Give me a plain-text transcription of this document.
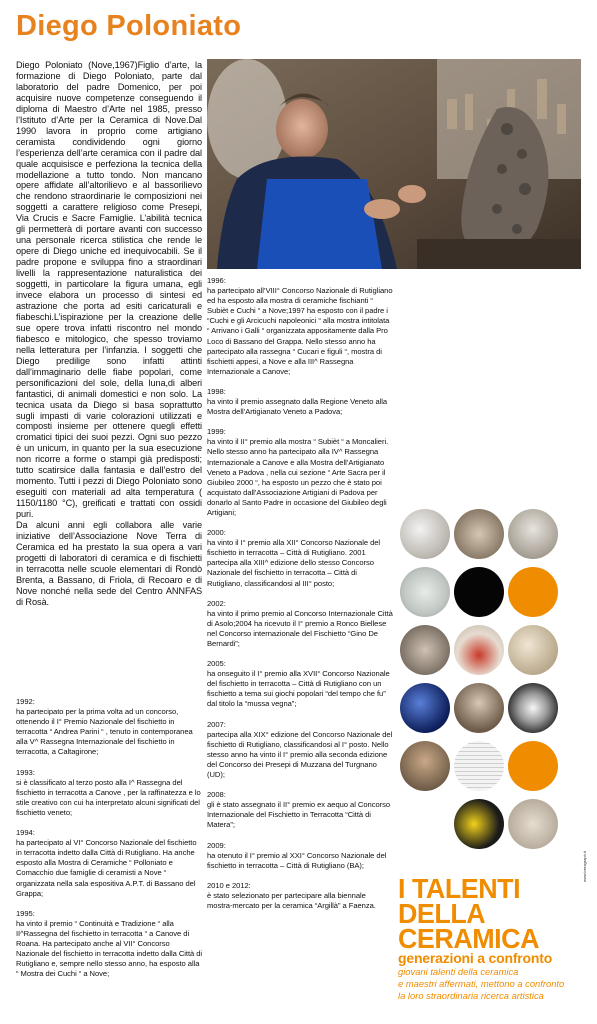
Diego Poloniato

Diego Poloniato (Nove,1967)Figlio d’arte, la formazione di Diego Poloniato, parte dal laboratorio del padre Domenico, per poi acquisire nuove competenze conseguendo il diploma di Maestro d’Arte nel 1985, presso l’Istituto d’Arte per la Ceramica di Nove.Dal 1990 lavora in proprio come artigiano ceramista condividendo ogni giorno l’esperienza dell’arte ceramica con il padre dal quale acquisisce e perfeziona la tecnica della modellazione a tutto tondo. Non mancano opere affidate all’altorilievo e al bassorilievo che rendono straordinarie le composizioni nei soggetti a carattere religioso come Presepi, Via Crucis e Sacre Famiglie. L’abilità tecnica gli permetterà di portare avanti con successo una personale ricerca stilistica che rende le opere di Diego uniche ed inequivocabili. Se il padre propone e sviluppa fino a straordinari livelli la rappresentazione naturalistica dei soggetti, in particolare la figura umana, egli invece elabora un processo di sintesi ed astrazione che porta ad esiti caricaturali e fiabeschi.L’ispirazione per la creazione delle sue opere trova infatti riscontro nel mondo fiabesco e mitologico, che spesso troviamo nella letteratura per l’infanzia. I soggetti che Diego predilige sono infatti attinti dall’immaginario delle fiabe popolari, come personificazioni del sole, della luna,di alberi fantastici, di animali domestici e non solo. La tecnica usata da Diego si basa soprattutto sugli impasti di varie colorazioni utilizzati e composti insieme per ottenere quegli effetti cromatici tipici dei suoi pezzi. Ogni suo pezzo è un unicum, in quanto per la sua esecuzione non ricorre a forme o stampi già predisposti; tutto scatirsice dalla fantasia e dall’estro del momento. Tutti i pezzi di Diego Poloniato sono eseguiti con materiali ad alta temperatura ( 1150/1180 °C), greificati e trattati con ossidi puri.

Da alcuni anni egli collabora alle varie iniziative dell’Associazione Nove Terra di Ceramica ed ha prestato la sua opera a vari progetti di laboratori di ceramica e di fischietti in terracotta nelle scuole elementari di Rondò Brenta, a Bassano, di Friola, di Recoaro e di Nove nonché nella sede del Centro ANNFAS di Rosà.

1992:
ha partecipato per la prima volta ad un concorso, ottenendo il I° Premio Nazionale del fischietto in terracotta “ Andrea Parini “ , tenuto in contemporanea alla V^ Rassegna Internazionale del fischietto in terracotta, a Caltagirone;
1993:
si è classificato al terzo posto alla I^ Rassegna del fischietto in terracotta a Canove , per la raffinatezza e lo stile creativo con cui ha interpretato alcuni significati del fischietto veneto;
1994:
ha partecipato al VI° Concorso Nazionale del fischietto in terracotta indetto dalla Città di Rutigliano. Ha anche esposto alla Mostra di Ceramiche “ Polloniato e Comacchio due famiglie di ceramisti a Nove “ organizzata nella sala espositiva A.P.T. di Bassano del Grappa;
1995:
ha vinto il premio “ Continuità e Tradizione “ alla II^Rassegna del fischietto in terracotta “ a Canove di Roana. Ha partecipato anche al VII° Concorso Nazionale del fischietto in terracotta indetto dalla Città di Rutigliano e, sempre nello stesso anno, ha esposto alla “ Mostra dei Cuchi “ a Nove;
1996:
ha partecipato all’VIII° Concorso Nazionale di Rutigliano ed ha esposto alla mostra di ceramiche fischianti “ Subièt e Cuchi “ a Nove;1997 ha esposto con il padre i “Cuchi e gli Arcicuchi napoleonici “ alla mostra intitolata “ Arrivano i Galli “ organizzata appositamente dalla Pro Loco di Bassano del Grappa. Nello stesso anno ha partecipato alla rassegna “ Cucari e figuli “, mostra di fischietti appesi, a Nove e alla III^ Rassegna Internazionale a Canove;
1998:
ha vinto il premio assegnato dalla Regione Veneto alla Mostra dell’Artigianato Veneto a Padova;
1999:
ha vinto il II° premio alla mostra “ Subièt “ a Moncalieri. Nello stesso anno ha partecipato alla IV^ Rassegna Internazionale a Canove e alla Mostra dell’Artigianato Veneto a Padova , nella cui sezione “ Arte Sacra per il Giubileo 2000 “, ha esposto un pezzo che è stato poi acquistato dall’Associazione Artigiani di Padova per donarlo al Santo Padre in occasione del Giubileo degli Artigiani;
2000:
ha vinto il I° premio alla XII° Concorso Nazionale del fischietto in terracotta – Città di Rutigliano. 2001 partecipa alla XIII^ edizione dello stesso Concorso Nazionale del fischietto in terracotta – Città di Rutigliano, classificandosi al III° posto;
2002:
ha vinto il primo premio al Concorso Internazionale Città di Asolo;2004 ha ricevuto il I° premio a Ronco Biellese nel Concorso internazionale del Fischietto “Gino De Bernardi”;
2005:
ha onseguito il I° premio alla XVII° Concorso Nazionale del fischietto in terracotta – Città di Rutigliano con un fischietto a tema sui giochi popolari “del tempo che fu” dal titolo la “mussa vegna”;
2007:
partecipa alla XIX° edizione del Concorso Nazionale del fischietto di Rutigliano, classificandosi al I° posto. Nello stesso anno ha vinto il I° premio alla seconda edizione del Concorso dei Presepi di Muzzana del Turgnano (UD);
2008:
gli è stato assegnato il II° premio ex aequo al Concorso Internazionale del Fischietto in Terracotta “Città di Matera”;
2009:
ha otenuto il I° premio al XXI° Concorso Nazionale del fischietto in terracotta – Città di Rutigliano (BA);
2010 e 2012:
è stato selezionato per partecipare alla biennale mostra-mercato per la ceramica “Argillà” a Faenza.
www.breagraph.it
I TALENTI
DELLA
CERAMICA
generazioni a confronto
giovani talenti della ceramica
e maestri affermati, mettono a confronto
la loro straordinaria ricerca artistica
